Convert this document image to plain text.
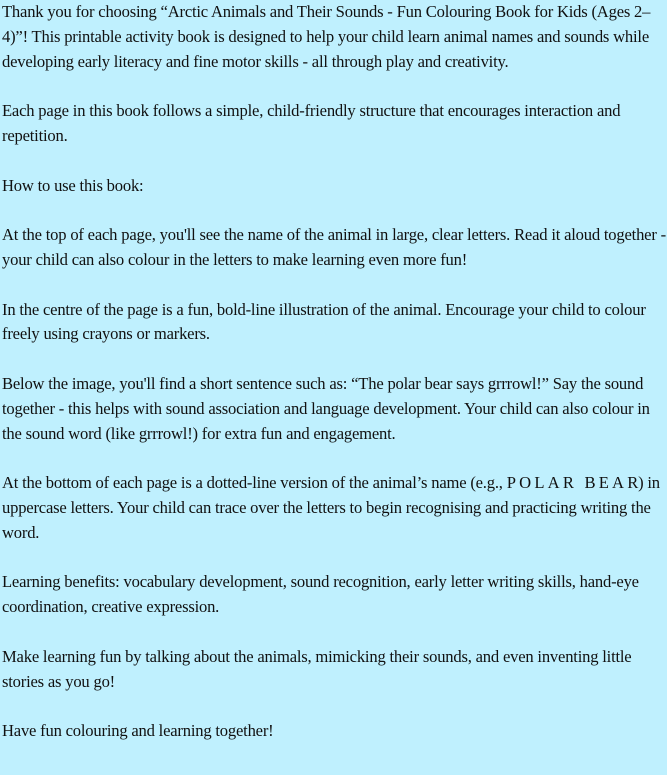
Thank you for choosing “Arctic Animals and Their Sounds - Fun Colouring Book for Kids (Ages 2–4)”! This printable activity book is designed to help your child learn animal names and sounds while developing early literacy and fine motor skills - all through play and creativity.

Each page in this book follows a simple, child-friendly structure that encourages interaction and repetition.

How to use this book:

At the top of each page, you'll see the name of the animal in large, clear letters. Read it aloud together - your child can also colour in the letters to make learning even more fun!

In the centre of the page is a fun, bold-line illustration of the animal. Encourage your child to colour freely using crayons or markers.

Below the image, you'll find a short sentence such as: “The polar bear says grrrowl!” Say the sound together - this helps with sound association and language development. Your child can also colour in the sound word (like grrrowl!) for extra fun and engagement.

At the bottom of each page is a dotted-line version of the animal’s name (e.g., POLAR BEAR) in uppercase letters. Your child can trace over the letters to begin recognising and practicing writing the word.

Learning benefits: vocabulary development, sound recognition, early letter writing skills, hand-eye coordination, creative expression.

Make learning fun by talking about the animals, mimicking their sounds, and even inventing little stories as you go!

Have fun colouring and learning together!
